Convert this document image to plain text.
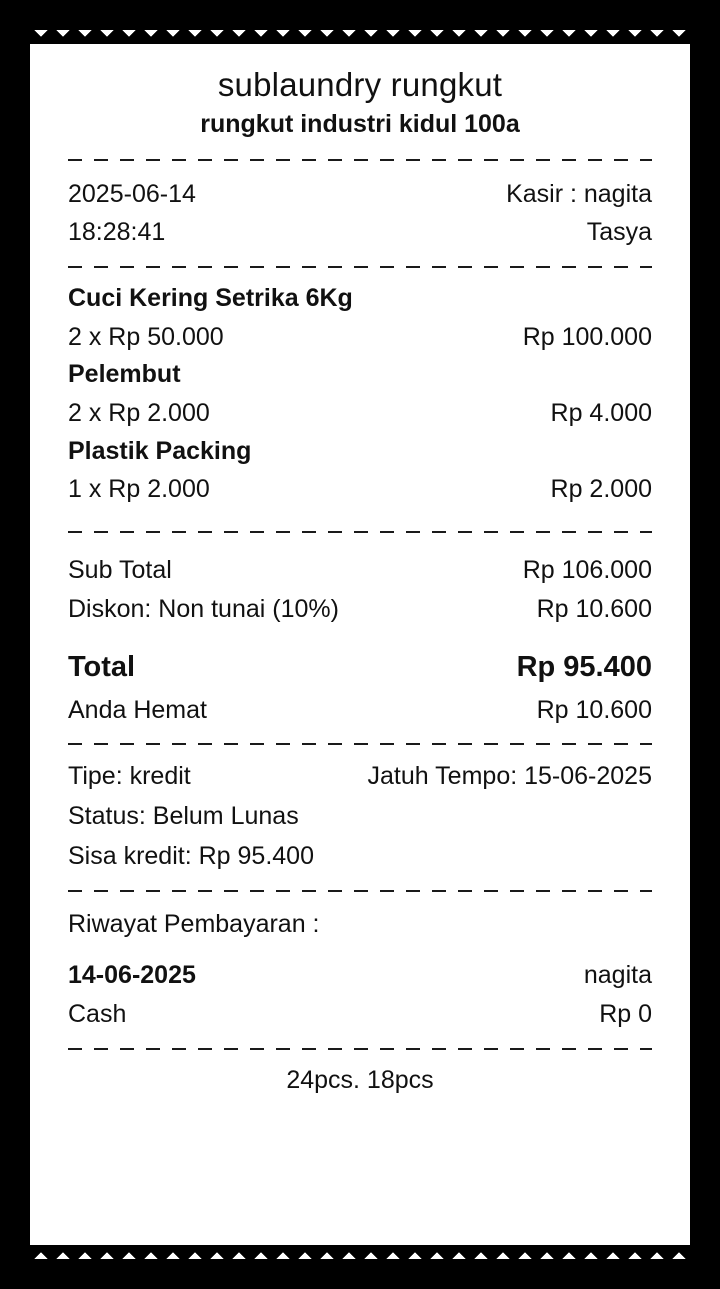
sublaundry rungkut
rungkut industri kidul 100a
2025-06-14	Kasir : nagita
18:28:41	Tasya
Cuci Kering Setrika 6Kg
2 x Rp 50.000	Rp 100.000
Pelembut
2 x Rp 2.000	Rp 4.000
Plastik Packing
1 x Rp 2.000	Rp 2.000
Sub Total	Rp 106.000
Diskon: Non tunai (10%)	Rp 10.600
Total	Rp 95.400
Anda Hemat	Rp 10.600
Tipe: kredit	Jatuh Tempo: 15-06-2025
Status: Belum Lunas
Sisa kredit: Rp 95.400
Riwayat Pembayaran :
14-06-2025	nagita
Cash	Rp 0
24pcs. 18pcs
